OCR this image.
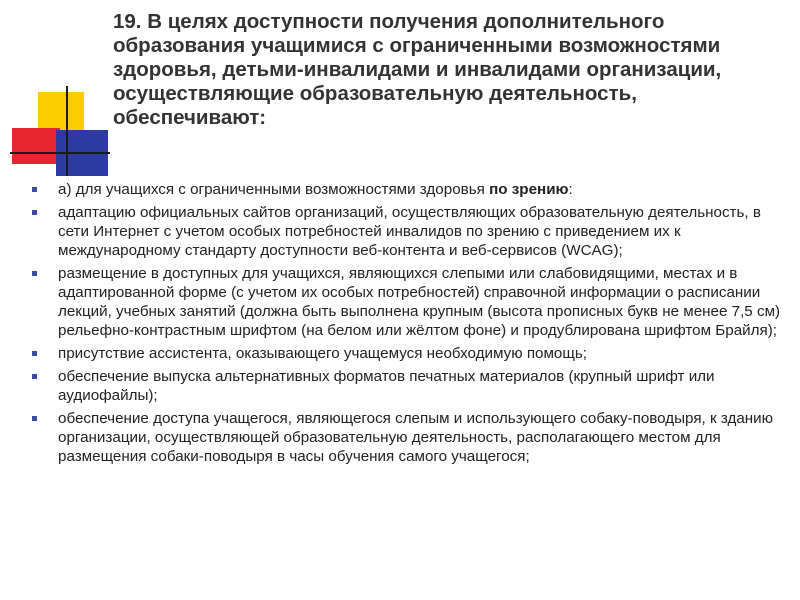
19. В целях доступности получения дополнительного образования учащимися с ограниченными возможностями здоровья, детьми-инвалидами и инвалидами организации, осуществляющие образовательную деятельность, обеспечивают:
а) для учащихся с ограниченными возможностями здоровья по зрению:
адаптацию официальных сайтов организаций, осуществляющих образовательную деятельность, в сети Интернет с учетом особых потребностей инвалидов по зрению с приведением их к международному стандарту доступности веб-контента и веб-сервисов (WCAG);
размещение в доступных для учащихся, являющихся слепыми или слабовидящими, местах и в адаптированной форме (с учетом их особых потребностей) справочной информации о расписании лекций, учебных занятий (должна быть выполнена крупным (высота прописных букв не менее 7,5 см) рельефно-контрастным шрифтом (на белом или жёлтом фоне) и продублирована шрифтом Брайля);
присутствие ассистента, оказывающего учащемуся необходимую помощь;
обеспечение выпуска альтернативных форматов печатных материалов (крупный шрифт или аудиофайлы);
обеспечение доступа учащегося, являющегося слепым и использующего собаку-поводыря, к зданию организации, осуществляющей образовательную деятельность, располагающего местом для размещения собаки-поводыря в часы обучения самого учащегося;
